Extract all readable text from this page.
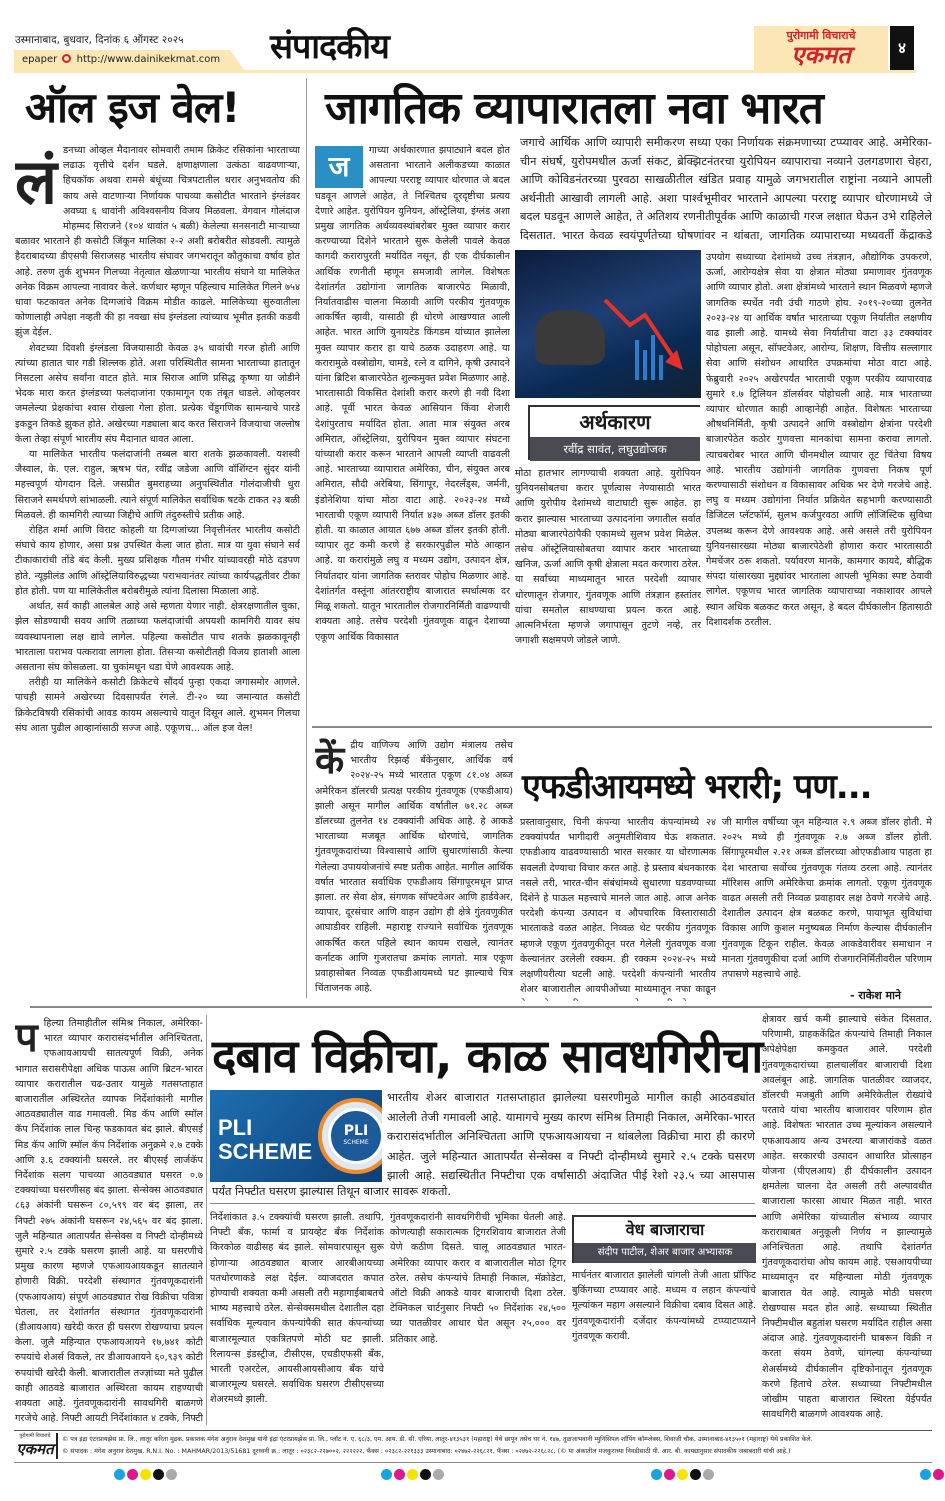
उस्मानाबाद, बुधवार, दिनांक ६ ऑगस्ट २०२५
epaper http://www.dainikekmat.com संपादकीय	पुरोगामी विचाराचे
एकमत	४
ऑल इज वेल!
लं डनच्या ओव्हल मैदानावर सोमवारी तमाम क्रिकेट रसिकांना भारताच्या लढाऊ वृत्तीचे दर्शन घडले. क्षणाक्षणाला उत्कंठा वाढवणाऱ्या, हिचकॉक अथवा रामसे बंधूंच्या चित्रपटातील थरार अनुभवतोय की काय असे वाटणाऱ्या निर्णायक पाचव्या कसोटीत भारताने इंग्लंडवर अवघ्या ६ धावांनी अविश्वसनीय विजय मिळवला. वेगवान गोलंदाज मोहम्मद सिराजने (१०४ धावांत ५ बळी) केलेल्या सनसनाटी माऱ्याच्या बळावर भारताने ही कसोटी जिंकून मालिका २-२ अशी बरोबरीत सोडवली. त्यामुळे हैदराबादच्या डीएसपी सिराजसह भारतीय संघावर जगभरातून कौतुकाचा वर्षाव होत आहे. तरुण तुर्क शुभमन गिलच्या नेतृत्वात खेळणाऱ्या भारतीय संघाने या मालिकेत अनेक विक्रम आपल्या नावावर केले. कर्णधार म्हणून पहिल्याच मालिकेत गिलने ७५४ धावा फटकावत अनेक दिग्गजांचे विक्रम मोडीत काढले. मालिकेच्या सुरुवातीला कोणालाही अपेक्षा नव्हती की हा नवखा संघ इंग्लंडला त्यांच्याच भूमीत इतकी कडवी झुंज देईल.

शेवटच्या दिवशी इंग्लंडला विजयासाठी केवळ ३५ धावांची गरज होती आणि त्यांच्या हातात चार गडी शिल्लक होते. अशा परिस्थितीत सामना भारताच्या हातातून निसटला असेच सर्वांना वाटत होते. मात्र सिराज आणि प्रसिद्ध कृष्णा या जोडीने भेदक मारा करत इंग्लंडच्या फलंदाजांना एकामागून एक तंबूत धाडले. ओव्हलवर जमलेल्या प्रेक्षकांचा श्वास रोखला गेला होता. प्रत्येक चेंडूगणिक सामन्याचे पारडे इकडून तिकडे झुकत होते. अखेरच्या गड्याला बाद करत सिराजने विजयाचा जल्लोष केला तेव्हा संपूर्ण भारतीय संघ मैदानात धावत आला.

या मालिकेत भारतीय फलंदाजांनी तब्बल बारा शतके झळकावली. यशस्वी जैस्वाल, के. एल. राहुल, ऋषभ पंत, रवींद्र जडेजा आणि वॉशिंग्टन सुंदर यांनी महत्त्वपूर्ण योगदान दिले. जसप्रीत बुमराहच्या अनुपस्थितीत गोलंदाजीची धुरा सिराजने समर्थपणे सांभाळली. त्याने संपूर्ण मालिकेत सर्वाधिक षटके टाकत २३ बळी मिळवले. ही कामगिरी त्याच्या जिद्दीचे आणि तंदुरुस्तीचे प्रतीक आहे.

रोहित शर्मा आणि विराट कोहली या दिग्गजांच्या निवृत्तीनंतर भारतीय कसोटी संघाचे काय होणार, असा प्रश्न उपस्थित केला जात होता. मात्र या युवा संघाने सर्व टीकाकारांची तोंडे बंद केली. मुख्य प्रशिक्षक गौतम गंभीर यांच्यावरही मोठे दडपण होते. न्यूझीलंड आणि ऑस्ट्रेलियाविरुद्धच्या पराभवानंतर त्यांच्या कार्यपद्धतीवर टीका होत होती. पण या मालिकेतील बरोबरीमुळे त्यांना दिलासा मिळाला आहे.

अर्थात, सर्व काही आलबेल आहे असे म्हणता येणार नाही. क्षेत्ररक्षणातील चुका, झेल सोडण्याची सवय आणि तळाच्या फलंदाजांची अपयशी कामगिरी यावर संघ व्यवस्थापनाला लक्ष द्यावे लागेल. पहिल्या कसोटीत पाच शतके झळकावूनही भारताला पराभव पत्करावा लागला होता. तिसऱ्या कसोटीतही विजय हाताशी आला असताना संघ कोसळला. या चुकांमधून धडा घेणे आवश्यक आहे.

तरीही या मालिकेने कसोटी क्रिकेटचे सौंदर्य पुन्हा एकदा जगासमोर आणले. पाचही सामने अखेरच्या दिवसापर्यंत रंगले. टी-२० च्या जमान्यात कसोटी क्रिकेटविषयी रसिकांची आवड कायम असल्याचे यातून दिसून आले. शुभमन गिलचा संघ आता पुढील आव्हानांसाठी सज्ज आहे. एकूणच... ऑल इज वेल!

जागतिक व्यापारातला नवा भारत
जगाचे आर्थिक आणि व्यापारी समीकरण सध्या एका निर्णायक संक्रमणाच्या टप्प्यावर आहे. अमेरिका-चीन संघर्ष, युरोपमधील ऊर्जा संकट, ब्रेक्झिटनंतरचा युरोपियन व्यापाराचा नव्याने उलगडणारा चेहरा, आणि कोविडनंतरच्या पुरवठा साखळीतील खंडित प्रवाह यामुळे जगभरातील राष्ट्रांना नव्याने आपली अर्थनीती आखावी लागली आहे. अशा पार्श्वभूमीवर भारताने आपल्या परराष्ट्र व्यापार धोरणामध्ये जे बदल घडवून आणले आहेत, ते अतिशय रणनीतीपूर्वक आणि काळाची गरज लक्षात घेऊन उभे राहिलेले दिसतात. भारत केवळ स्वयंपूर्णतेच्या घोषणांवर न थांबता, जागतिक व्यापाराच्या मध्यवर्ती केंद्राकडे
ज	गाच्या अर्थकारणात झपाट्याने बदल होत असताना भारताने अलीकडच्या काळात आपल्या परराष्ट्र व्यापार धोरणात जे बदल घडवून आणले आहेत, ते निश्चितच दूरदृष्टीचा प्रत्यय देणारे आहेत. युरोपियन युनियन, ऑस्ट्रेलिया, इंग्लंड अशा प्रमुख जागतिक अर्थव्यवस्थांबरोबर मुक्त व्यापार करार करण्याच्या दिशेने भारताने सुरू केलेली पावले केवळ कागदी करारापुरती मर्यादित नसून, ही एक दीर्घकालीन आर्थिक रणनीती म्हणून समजावी लागेल. विशेषतः देशांतर्गत उद्योगांना जागतिक बाजारपेठ मिळावी, निर्यातवाढीस चालना मिळावी आणि परकीय गुंतवणूक आकर्षित व्हावी, यासाठी ही धोरणे आखण्यात आली आहेत. भारत आणि युनायटेड किंगडम यांच्यात झालेला मुक्त व्यापार करार हा याचे ठळक उदाहरण आहे. या करारामुळे वस्त्रोद्योग, चामडे, रत्ने व दागिने, कृषी उत्पादने यांना ब्रिटिश बाजारपेठेत शुल्कमुक्त प्रवेश मिळणार आहे. भारतासाठी विकसित देशांशी करार करणे ही नवी दिशा आहे. पूर्वी भारत केवळ आसियान किंवा शेजारी देशांपुरताच मर्यादित होता. आता मात्र संयुक्त अरब अमिरात, ऑस्ट्रेलिया, युरोपियन मुक्त व्यापार संघटना यांच्याशी करार करून भारताने आपली व्याप्ती वाढवली आहे. भारताच्या व्यापारात अमेरिका, चीन, संयुक्त अरब अमिरात, सौदी अरेबिया, सिंगापूर, नेदरलँड्स, जर्मनी, इंडोनेशिया यांचा मोठा वाटा आहे. २०२३-२४ मध्ये भारताची एकूण व्यापारी निर्यात ४३७ अब्ज डॉलर इतकी होती. या काळात आयात ६७७ अब्ज डॉलर इतकी होती. व्यापार तूट कमी करणे हे सरकारपुढील मोठे आव्हान आहे. या करारांमुळे लघु व मध्यम उद्योग, उत्पादन क्षेत्र, निर्यातदार यांना जागतिक स्तरावर पोहोच मिळणार आहे. देशांतर्गत वस्तूंना आंतरराष्ट्रीय बाजारात स्पर्धात्मक दर मिळू शकतो. यातून भारतातील रोजगारनिर्मिती वाढण्याची शक्यता आहे. तसेच परदेशी गुंतवणूक वाढून देशाच्या एकूण आर्थिक विकासात
अर्थकारण
रवींद्र सावंत, लघुउद्योजक
मोठा हातभार लागण्याची शक्यता आहे. युरोपियन युनियनसोबतचा करार पूर्णत्वास नेण्यासाठी भारत आणि युरोपीय देशांमध्ये वाटाघाटी सुरू आहेत. हा करार झाल्यास भारताच्या उत्पादनांना जगातील सर्वात मोठ्या बाजारपेठांपैकी एकामध्ये सुलभ प्रवेश मिळेल. तसेच ऑस्ट्रेलियासोबतचा व्यापार करार भारताच्या खनिज, ऊर्जा आणि कृषी क्षेत्राला मदत करणारा ठरेल. या सर्वांच्या माध्यमातून भारत परदेशी व्यापार धोरणातून रोजगार, गुंतवणूक आणि तंत्रज्ञान हस्तांतर यांचा समतोल साधण्याचा प्रयत्न करत आहे. आत्मनिर्भरता म्हणजे जगापासून तुटणे नव्हे, तर जगाशी सक्षमपणे जोडले जाणे.
उपयोग सध्याच्या देशांमध्ये उच्च तंत्रज्ञान, औद्योगिक उपकरणे, ऊर्जा, आरोग्यक्षेत्र सेवा या क्षेत्रात मोठ्या प्रमाणावर गुंतवणूक आणि व्यापार होतो. अशा क्षेत्रांमध्ये भारताने स्थान मिळवणे म्हणजे जागतिक स्पर्धेत नवी उंची गाठणे होय. २०१९-२०च्या तुलनेत २०२३-२४ या आर्थिक वर्षात भारताच्या एकूण निर्यातीत लक्षणीय वाढ झाली आहे. यामध्ये सेवा निर्यातीचा वाटा ३३ टक्क्यांवर पोहोचला असून, सॉफ्टवेअर, आरोग्य, शिक्षण, वित्तीय सल्लागार सेवा आणि संशोधन आधारित उपक्रमांचा मोठा वाटा आहे. फेब्रुवारी २०२५ अखेरपर्यंत भारताची एकूण परकीय व्यापारवाढ सुमारे १.७ ट्रिलियन डॉलर्सवर पोहोचली आहे. मात्र भारताच्या व्यापार धोरणात काही आव्हानेही आहेत. विशेषतः भारताच्या औषधनिर्मिती, कृषी उत्पादने आणि वस्त्रोद्योग क्षेत्रांना परदेशी बाजारपेठेत कठोर गुणवत्ता मानकांचा सामना करावा लागतो. त्याचबरोबर भारत आणि चीनमधील व्यापार तूट चिंतेचा विषय आहे. भारतीय उद्योगांनी जागतिक गुणवत्ता निकष पूर्ण करण्यासाठी संशोधन व विकासावर अधिक भर देणे गरजेचे आहे. लघु व मध्यम उद्योगांना निर्यात प्रक्रियेत सहभागी करण्यासाठी डिजिटल प्लॅटफॉर्म, सुलभ कर्जपुरवठा आणि लॉजिस्टिक सुविधा उपलब्ध करून देणे आवश्यक आहे. असे असले तरी युरोपियन युनियनसारख्या मोठ्या बाजारपेठेशी होणारा करार भारतासाठी गेमचेंजर ठरू शकतो. पर्यावरण मानके, कामगार कायदे, बौद्धिक संपदा यांसारख्या मुद्द्यांवर भारताला आपली भूमिका स्पष्ट ठेवावी लागेल. एकूणच भारत जागतिक व्यापाराच्या नकाशावर आपले स्थान अधिक बळकट करत असून, हे बदल दीर्घकालीन हितासाठी दिशादर्शक ठरतील.
कें द्रीय वाणिज्य आणि उद्योग मंत्रालय तसेच भारतीय रिझर्व्ह बँकेनुसार, आर्थिक वर्ष २०२४-२५ मध्ये भारतात एकूण ८१.०४ अब्ज अमेरिकन डॉलरची प्रत्यक्ष परकीय गुंतवणूक (एफडीआय) झाली असून मागील आर्थिक वर्षातील ७१.२८ अब्ज डॉलरच्या तुलनेत १४ टक्क्यांनी अधिक आहे. हे आकडे भारताच्या मजबूत आर्थिक धोरणांचे, जागतिक गुंतवणूकदारांच्या विश्वासाचे आणि सुधारणांसाठी केल्या गेलेल्या उपाययोजनांचे स्पष्ट प्रतीक आहेत. मागील आर्थिक वर्षात भारतात सर्वाधिक एफडीआय सिंगापूरमधून प्राप्त झाला. तर सेवा क्षेत्र, संगणक सॉफ्टवेअर आणि हार्डवेअर, व्यापार, दूरसंचार आणि वाहन उद्योग ही क्षेत्रे गुंतवणुकीत आघाडीवर राहिली. महाराष्ट्र राज्याने सर्वाधिक गुंतवणूक आकर्षित करत पहिले स्थान कायम राखले, त्यानंतर कर्नाटक आणि गुजरातचा क्रमांक लागतो. मात्र एकूण प्रवाहासोबत निव्वळ एफडीआयमध्ये घट झाल्याचे चित्र चिंताजनक आहे.
एफडीआयमध्ये भरारी; पण...
प्रस्तावानुसार, चिनी कंपन्या भारतीय कंपन्यांमध्ये २४ टक्क्यांपर्यंत भागीदारी अनुमतीशिवाय घेऊ शकतात. एफडीआय वाढवण्यासाठी भारत सरकार या धोरणात्मक सवलती देण्याचा विचार करत आहे. हे प्रस्ताव बंधनकारक नसले तरी, भारत-चीन संबंधांमध्ये सुधारणा घडवण्याच्या दिशेने हे पाऊल महत्त्वाचे मानले जात आहे. आज अनेक परदेशी कंपन्या उत्पादन व औपचारिक विस्तारासाठी भारताकडे वळत आहेत. निव्वळ थेट परकीय गुंतवणूक म्हणजे एकूण गुंतवणुकीतून परत गेलेली गुंतवणूक वजा केल्यानंतर उरलेली रक्कम. ही रक्कम २०२४-२५ मध्ये लक्षणीयरीत्या घटली आहे. परदेशी कंपन्यांनी भारतीय शेअर बाजारातील आयपीओंच्या माध्यमातून नफा काढून
जी मागील वर्षीच्या जून महिन्यात २.९ अब्ज डॉलर होती. मे २०२५ मध्ये ही गुंतवणूक २.७ अब्ज डॉलर होती. सिंगापूरमधील २.२१ अब्ज डॉलरच्या ओएफडीआय पाहता हा देश भारताचा सर्वोच्च गुंतवणूक गंतव्य ठरला आहे. त्यानंतर मॉरिशस आणि अमेरिकेचा क्रमांक लागतो. एकूण गुंतवणूक वाढत असली तरी निव्वळ प्रवाहावर लक्ष ठेवणे गरजेचे आहे. देशातील उत्पादन क्षेत्र बळकट करणे, पायाभूत सुविधांचा विकास आणि कुशल मनुष्यबळ निर्माण केल्यास दीर्घकालीन गुंतवणूक टिकून राहील. केवळ आकडेवारीवर समाधान न मानता गुंतवणुकीचा दर्जा आणि रोजगारनिर्मितीवरील परिणाम तपासणे महत्त्वाचे आहे.
- राकेश माने
प हिल्या तिमाहीतील संमिश्र निकाल, अमेरिका-भारत व्यापार करारासंदर्भातील अनिश्चितता, एफआयआयची सातत्यपूर्ण विक्री, अनेक भागात सरासरीपेक्षा अधिक पाऊस आणि ब्रिटन-भारत व्यापार करारातील चढ-उतार यामुळे गतसप्ताहात बाजारातील अस्थिरतेत व्यापक निर्देशांकांनी मागील आठवड्यातील वाढ गमावली. मिड कॅप आणि स्मॉल कॅप निर्देशांक लाल चिन्ह फडकावत बंद झाले. बीएसई मिड कॅप आणि स्मॉल कॅप निर्देशांक अनुक्रमे २.७ टक्के आणि ३.६ टक्क्यांनी घसरले. तर बीएसई लार्जकॅप निर्देशांक सलग पाचव्या आठवड्यात घसरत ०.७ टक्क्यांच्या घसरणीसह बंद झाला. सेन्सेक्स आठवड्यात ८६३ अंकांनी घसरून ८०,५९९ वर बंद झाला, तर निफ्टी २७५ अंकांनी घसरून २४,५६५ वर बंद झाला. जुलै महिन्यात आतापर्यंत सेन्सेक्स व निफ्टी दोन्हीमध्ये सुमारे २.५ टक्के घसरण झाली आहे. या घसरणीचे प्रमुख कारण म्हणजे एफआयआयकडून सातत्याने होणारी विक्री. परदेशी संस्थागत गुंतवणूकदारांनी (एफआयआय) संपूर्ण आठवड्यात रोख विक्रीचा पवित्रा घेतला, तर देशांतर्गत संस्थागत गुंतवणूकदारांनी (डीआयआय) खरेदी करत ही घसरण रोखण्याचा प्रयत्न केला. जुलै महिन्यात एफआयआयने १७,७४१ कोटी रुपयांचे शेअर्स विकले, तर डीआयआयने ६०,९३९ कोटी रुपयांची खरेदी केली. बाजारातील तज्ज्ञांच्या मते पुढील काही आठवडे बाजारात अस्थिरता कायम राहण्याची शक्यता आहे. गुंतवणूकदारांनी सावधगिरी बाळगणे गरजेचे आहे. निफ्टी आयटी निर्देशांकात ४ टक्के, निफ्टी
दबाव विक्रीचा, काळ सावधगिरीचा
PLI
SCHEME
PLI
SCHEME
भारतीय शेअर बाजारात गतसप्ताहात झालेल्या घसरणीमुळे मागील काही आठवड्यांत आलेली तेजी गमावली आहे. यामागचे मुख्य कारण संमिश्र तिमाही निकाल, अमेरिका-भारत करारासंदर्भातील अनिश्चितता आणि एफआयआयचा न थांबलेला विक्रीचा मारा ही कारणे आहेत. जुले महिन्यात आतापर्यंत सेन्सेक्स व निफ्टी दोन्हीमध्ये सुमारे २.५ टक्के घसरण झाली आहे. सद्यस्थितीत निफ्टीचा एक वर्षासाठी अंदाजित पीई रेशो २३.५ च्या आसपास
पर्यंत निफ्टीत घसरण झाल्यास तिथून बाजार सावरू शकतो.
निर्देशांकात ३.५ टक्क्यांची घसरण झाली. तथापि, निफ्टी बँक, फार्मा व प्रायव्हेट बँक निर्देशांक किरकोळ वाढीसह बंद झाले. सोमवारपासून सुरू होणाऱ्या आठवड्यात बाजार आरबीआयच्या पतधोरणाकडे लक्ष देईल. व्याजदरात कपात होण्याची शक्यता कमी असली तरी महागाईबाबतचे भाष्य महत्त्वाचे ठरेल. सेन्सेक्समधील देशातील दहा सर्वाधिक मूल्यवान कंपन्यांपैकी सात कंपन्यांच्या बाजारमूल्यात एकत्रितपणे मोठी घट झाली. रिलायन्स इंडस्ट्रीज, टीसीएस, एचडीएफसी बँक, भारती एअरटेल, आयसीआयसीआय बँक यांचे बाजारमूल्य घसरले. सर्वाधिक घसरण टीसीएसच्या शेअरमध्ये झाली.
गुंतवणूकदारांनी सावधगिरीची भूमिका घेतली आहे. कोणत्याही सकारात्मक ट्रिगरशिवाय बाजारात तेजी येणे कठीण दिसते. चालू आठवड्यात भारत-अमेरिका व्यापार करार व बाजारातील मोठा ट्रिगर ठरेल. तसेच कंपन्यांचे तिमाही निकाल, मॅक्रोडेटा, ऑटो विक्री आकडे यावर बाजाराची दिशा ठरेल. टेक्निकल चार्टनुसार निफ्टी ५० निर्देशांक २४,५०० च्या पातळीवर आधार घेत असून २५,००० वर प्रतिकार आहे.
वेध बाजाराचा
संदीप पाटील, शेअर बाजार अभ्यासक
मार्चनंतर बाजारात झालेली चांगली तेजी आता प्रॉफिट बुकिंगच्या टप्प्यावर आहे. मध्यम व लहान कंपन्यांचे मूल्यांकन महाग असल्याने विक्रीचा दबाव दिसत आहे. गुंतवणूकदारांनी दर्जेदार कंपन्यांमध्ये टप्प्याटप्प्याने गुंतवणूक करावी.
क्षेत्रावर खर्च कमी झाल्याचे संकेत दिसतात. परिणामी, ग्राहककेंद्रित कंपन्यांचे तिमाही निकाल अपेक्षेपेक्षा कमकुवत आले. परदेशी गुंतवणूकदारांच्या हालचालींवर बाजाराची दिशा अवलंबून आहे. जागतिक पातळीवर व्याजदर, डॉलरची मजबुती आणि अमेरिकेतील रोख्यांचे परतावे यांचा भारतीय बाजारावर परिणाम होत आहे. विशेषतः भारतात उच्च मूल्यांकन असल्याने एफआयआय अन्य उभरत्या बाजारांकडे वळत आहेत. सरकारची उत्पादन आधारित प्रोत्साहन योजना (पीएलआय) ही दीर्घकालीन उत्पादन क्षमतेला चालना देत असली तरी अल्पावधीत बाजाराला फारसा आधार मिळत नाही. भारत आणि अमेरिका यांच्यातील संभाव्य व्यापार कराराबाबत अनुकूली निर्णय न झाल्यामुळे अनिश्चितता आहे. तथापि देशांतर्गत गुंतवणूकदारांचा ओघ कायम आहे. एसआयपीच्या माध्यमातून दर महिन्याला मोठी गुंतवणूक बाजारात येत आहे. त्यामुळे मोठी घसरण रोखण्यास मदत होत आहे. सध्याच्या स्थितीत निफ्टीमधील बहुतांश घसरण मर्यादित राहील असा अंदाज आहे. गुंतवणूकदारांनी घाबरून विक्री न करता संयम ठेवणे, चांगल्या कंपन्यांच्या शेअर्समध्ये दीर्घकालीन दृष्टिकोनातून गुंतवणूक करणे हिताचे ठरेल. सध्याच्या निफ्टीमधील जोखीम पाहता बाजारात स्थिरता येईपर्यंत सावधगिरी बाळगणे आवश्यक आहे.
पुरोगामी विचाराचे
एकमत
© पत्र इंद्रा एंटरप्रायझेस प्रा. लि., लातूर करिता मुद्रक, प्रकाशक मंगेश अनुराव देशमुख यांनी इंद्रा एंटरप्रायझेस प्रा. लि., प्लॉट नं. ए. ६८/३, एम. आय. डी. सी. एरिया, लातूर-४१३५३१ (महाराष्ट्र) येथे छापून तसेच घर नं. १४७, तुळजाभवानी म्युनिसिपल शॉपिंग कॉम्प्लेक्स, शिवाजी चौक, उस्मानाबाद-४१३५०१ (महाराष्ट्र) येथे प्रकाशित केले.
© संपादक : मंगेश अनुराव देशमुख. R.N.I. No. : MAHMAR/2013/51681 दूरध्वनी क्र.: लातूर : ०२३८२-२२७००२, २२२२२२, फॅक्स : ०२३८२-२२१३३३ उस्मानाबाद: ०२४७२-२२६८२१, फॅक्स : ०२४७२-२२६८२८, (© या अंकातील मजकुराच्या निवडीसाठी पी. आर. बी. कायद्यानुसार संपादकीय जबाबदारी यांची आहे.)
